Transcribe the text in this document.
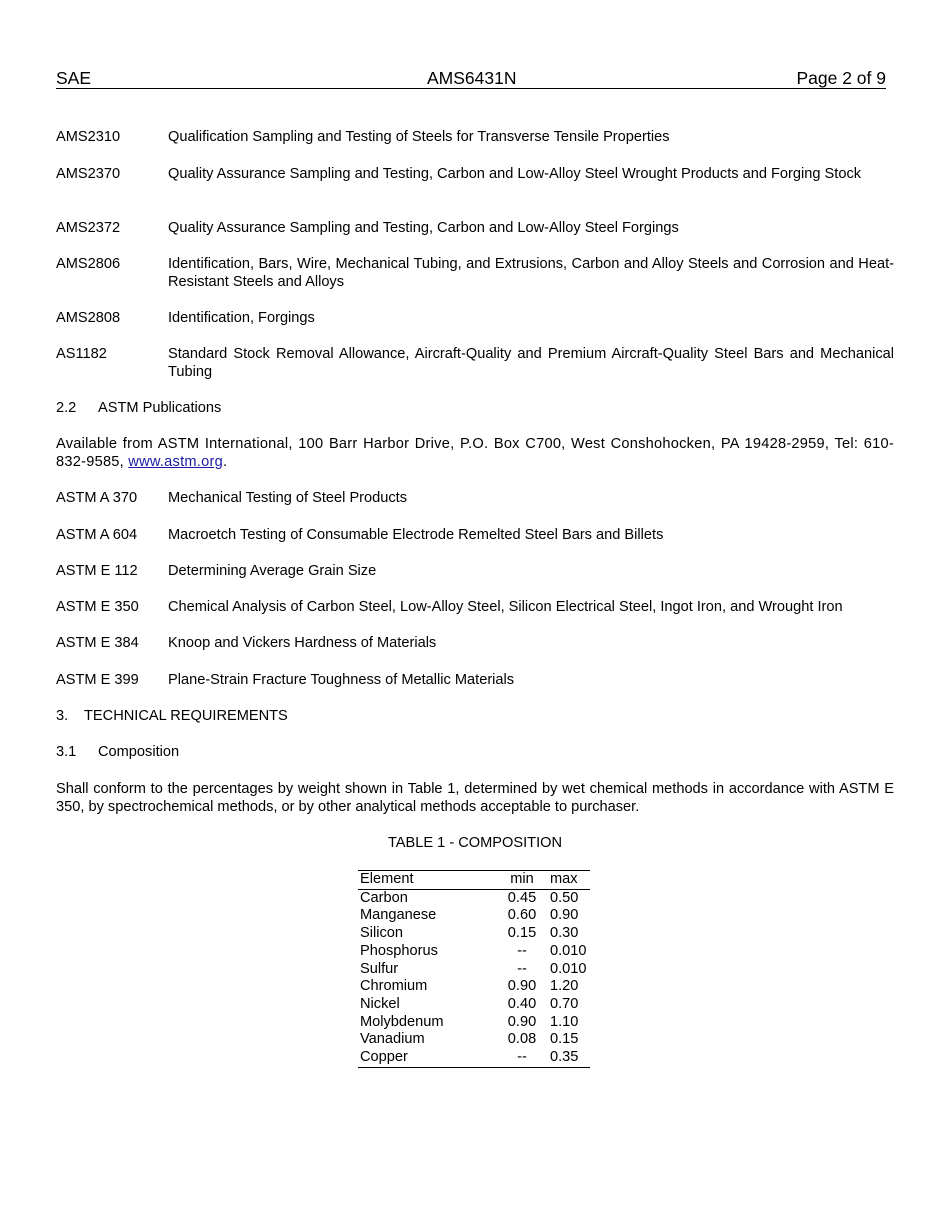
SAE	AMS6431N	Page 2 of 9
AMS2310	Qualification Sampling and Testing of Steels for Transverse Tensile Properties
AMS2370	Quality Assurance Sampling and Testing, Carbon and Low-Alloy Steel Wrought Products and Forging Stock
AMS2372	Quality Assurance Sampling and Testing, Carbon and Low-Alloy Steel Forgings
AMS2806	Identification, Bars, Wire, Mechanical Tubing, and Extrusions, Carbon and Alloy Steels and Corrosion and Heat-Resistant Steels and Alloys
AMS2808	Identification, Forgings
AS1182	Standard Stock Removal Allowance, Aircraft-Quality and Premium Aircraft-Quality Steel Bars and Mechanical Tubing
2.2 ASTM Publications
Available from ASTM International, 100 Barr Harbor Drive, P.O. Box C700, West Conshohocken, PA 19428-2959, Tel: 610-832-9585, www.astm.org.
ASTM A 370	Mechanical Testing of Steel Products
ASTM A 604	Macroetch Testing of Consumable Electrode Remelted Steel Bars and Billets
ASTM E 112	Determining Average Grain Size
ASTM E 350	Chemical Analysis of Carbon Steel, Low-Alloy Steel, Silicon Electrical Steel, Ingot Iron, and Wrought Iron
ASTM E 384	Knoop and Vickers Hardness of Materials
ASTM E 399	Plane-Strain Fracture Toughness of Metallic Materials
3. TECHNICAL REQUIREMENTS
3.1 Composition
Shall conform to the percentages by weight shown in Table 1, determined by wet chemical methods in accordance with ASTM E 350, by spectrochemical methods, or by other analytical methods acceptable to purchaser.
TABLE 1 - COMPOSITION
Element	min	max
Carbon	0.45	0.50
Manganese	0.60	0.90
Silicon	0.15	0.30
Phosphorus	--	0.010
Sulfur	--	0.010
Chromium	0.90	1.20
Nickel	0.40	0.70
Molybdenum	0.90	1.10
Vanadium	0.08	0.15
Copper	--	0.35
